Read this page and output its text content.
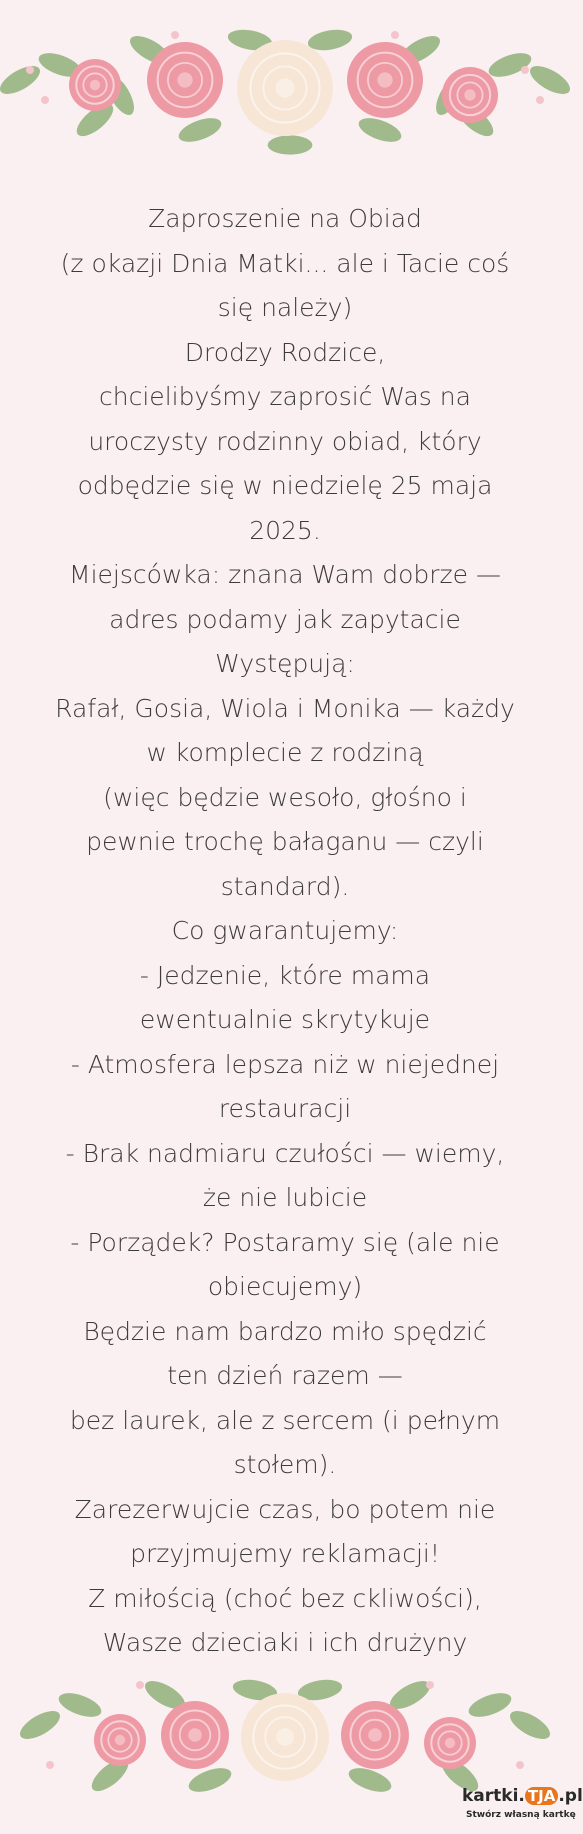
Zaproszenie na Obiad
(z okazji Dnia Matki... ale i Tacie coś
się należy)
Drodzy Rodzice,
chcielibyśmy zaprosić Was na
uroczysty rodzinny obiad, który
odbędzie się w niedzielę 25 maja
2025.
Miejscówka: znana Wam dobrze —
adres podamy jak zapytacie
Występują:
Rafał, Gosia, Wiola i Monika — każdy
w komplecie z rodziną
(więc będzie wesoło, głośno i
pewnie trochę bałaganu — czyli
standard).
Co gwarantujemy:
- Jedzenie, które mama
ewentualnie skrytykuje
- Atmosfera lepsza niż w niejednej
restauracji
- Brak nadmiaru czułości — wiemy,
że nie lubicie
- Porządek? Postaramy się (ale nie
obiecujemy)
Będzie nam bardzo miło spędzić
ten dzień razem —
bez laurek, ale z sercem (i pełnym
stołem).
Zarezerwujcie czas, bo potem nie
przyjmujemy reklamacji!
Z miłością (choć bez ckliwości),
Wasze dzieciaki i ich drużyny
kartki. TJA .pl
Stwórz własną kartkę
